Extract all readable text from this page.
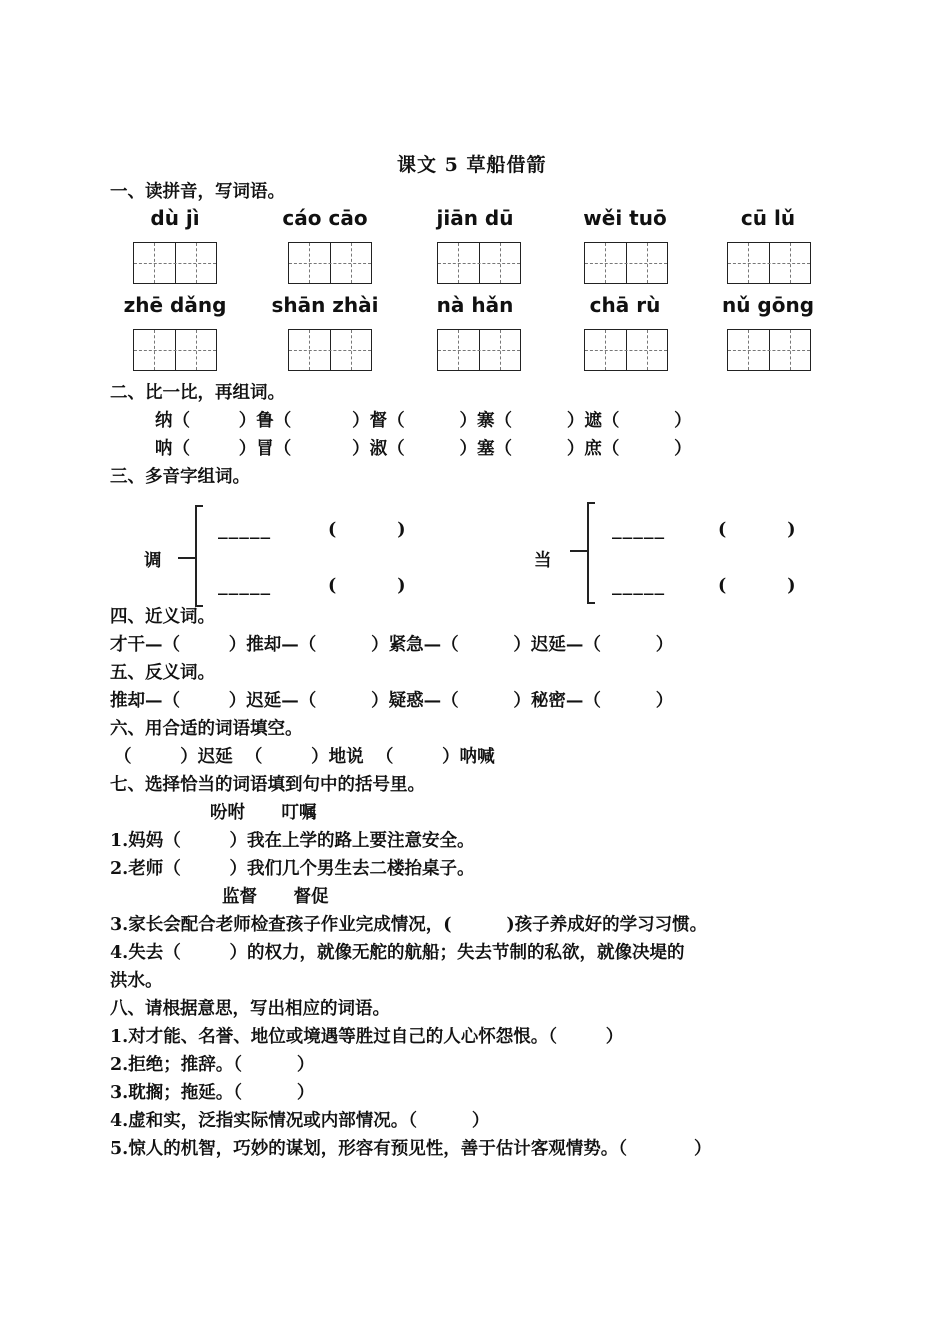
课文 5 草船借箭
一、读拼音，写词语。
dù jì	cáo cāo	jiān dū	wěi tuō	cū lǔ
zhē dǎng	shān zhài	nà hǎn	chā rù	nǔ gōng
二、比一比，再组词。
纳（        ）鲁（          ）督（         ）寨（         ）遮（         ）
呐（        ）冒（          ）淑（         ）塞（         ）庶（         ）
三、多音字组词。
调
_____	(          )
_____	(          )
当
_____	(          )
_____	(          )
四、近义词。
才干—（        ）推却—（         ）紧急—（         ）迟延—（         ）
五、反义词。
推却—（        ）迟延—（         ）疑惑—（         ）秘密—（         ）
六、用合适的词语填空。
（        ）迟延  （        ）地说  （        ）呐喊
七、选择恰当的词语填到句中的括号里。
吩咐      叮嘱
1.妈妈（        ）我在上学的路上要注意安全。
2.老师（        ）我们几个男生去二楼抬桌子。
监督      督促
3.家长会配合老师检查孩子作业完成情况，(         )孩子养成好的学习习惯。
4.失去（        ）的权力，就像无舵的航船；失去节制的私欲，就像决堤的
洪水。
八、请根据意思，写出相应的词语。
1.对才能、名誉、地位或境遇等胜过自己的人心怀怨恨。（        ）
2.拒绝；推辞。（         ）
3.耽搁；拖延。（         ）
4.虚和实，泛指实际情况或内部情况。（         ）
5.惊人的机智，巧妙的谋划，形容有预见性，善于估计客观情势。（           ）
